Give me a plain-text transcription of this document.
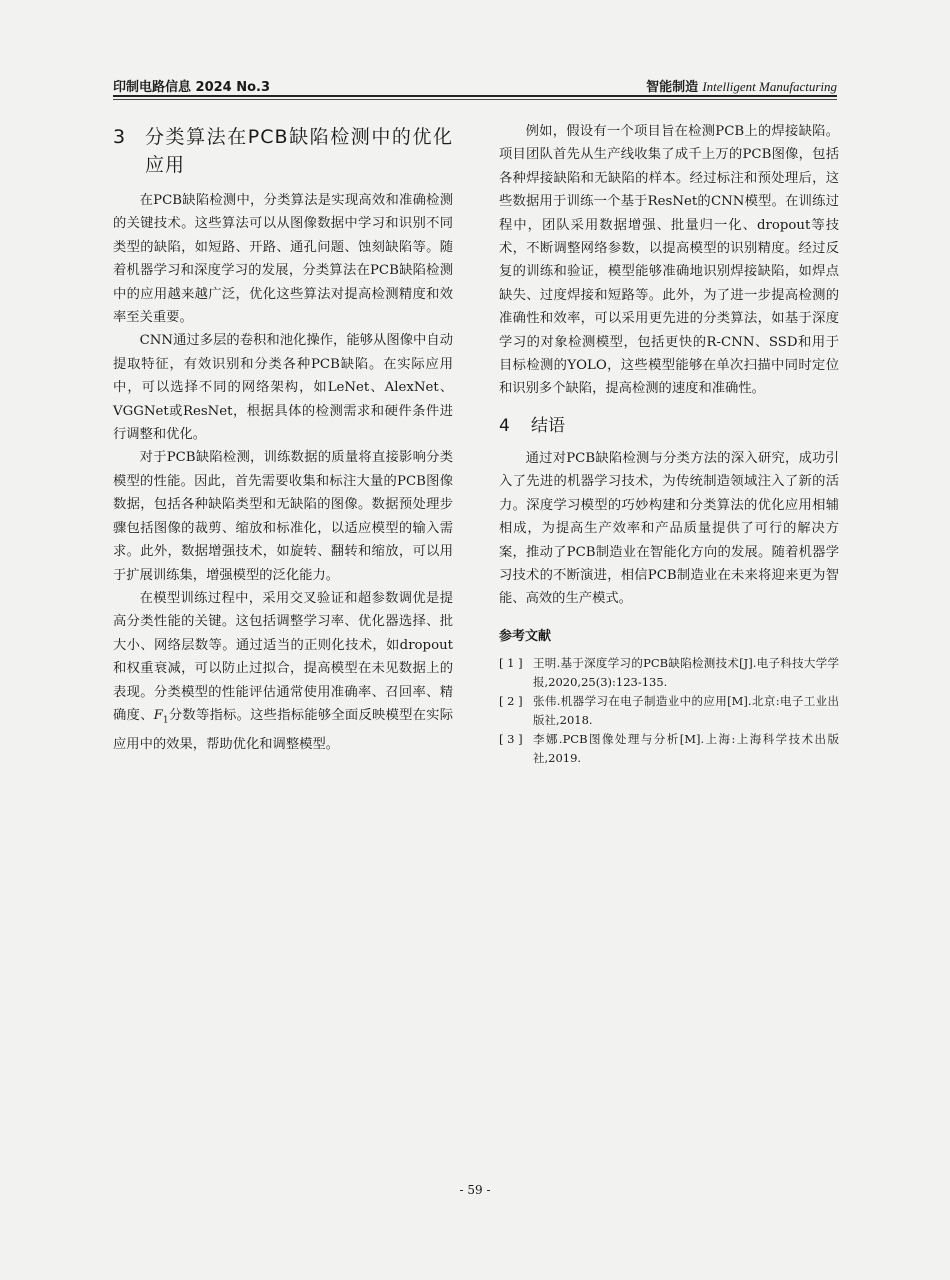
印制电路信息 2024 No.3	智能制造 Intelligent Manufacturing
3	分类算法在PCB缺陷检测中的优化应用

在PCB缺陷检测中，分类算法是实现高效和准确检测的关键技术。这些算法可以从图像数据中学习和识别不同类型的缺陷，如短路、开路、通孔问题、蚀刻缺陷等。随着机器学习和深度学习的发展，分类算法在PCB缺陷检测中的应用越来越广泛，优化这些算法对提高检测精度和效率至关重要。

CNN通过多层的卷积和池化操作，能够从图像中自动提取特征，有效识别和分类各种PCB缺陷。在实际应用中，可以选择不同的网络架构，如LeNet、AlexNet、VGGNet或ResNet，根据具体的检测需求和硬件条件进行调整和优化。

对于PCB缺陷检测，训练数据的质量将直接影响分类模型的性能。因此，首先需要收集和标注大量的PCB图像数据，包括各种缺陷类型和无缺陷的图像。数据预处理步骤包括图像的裁剪、缩放和标准化，以适应模型的输入需求。此外，数据增强技术，如旋转、翻转和缩放，可以用于扩展训练集，增强模型的泛化能力。

在模型训练过程中，采用交叉验证和超参数调优是提高分类性能的关键。这包括调整学习率、优化器选择、批大小、网络层数等。通过适当的正则化技术，如dropout和权重衰减，可以防止过拟合，提高模型在未见数据上的表现。分类模型的性能评估通常使用准确率、召回率、精确度、$F_1$分数等指标。这些指标能够全面反映模型在实际应用中的效果，帮助优化和调整模型。

例如，假设有一个项目旨在检测PCB上的焊接缺陷。项目团队首先从生产线收集了成千上万的PCB图像，包括各种焊接缺陷和无缺陷的样本。经过标注和预处理后，这些数据用于训练一个基于ResNet的CNN模型。在训练过程中，团队采用数据增强、批量归一化、dropout等技术，不断调整网络参数，以提高模型的识别精度。经过反复的训练和验证，模型能够准确地识别焊接缺陷，如焊点缺失、过度焊接和短路等。此外，为了进一步提高检测的准确性和效率，可以采用更先进的分类算法，如基于深度学习的对象检测模型，包括更快的R-CNN、SSD和用于目标检测的YOLO，这些模型能够在单次扫描中同时定位和识别多个缺陷，提高检测的速度和准确性。

4	结语

通过对PCB缺陷检测与分类方法的深入研究，成功引入了先进的机器学习技术，为传统制造领域注入了新的活力。深度学习模型的巧妙构建和分类算法的优化应用相辅相成，为提高生产效率和产品质量提供了可行的解决方案，推动了PCB制造业在智能化方向的发展。随着机器学习技术的不断演进，相信PCB制造业在未来将迎来更为智能、高效的生产模式。

参考文献
[ 1 ] 王明.基于深度学习的PCB缺陷检测技术[J].电子科技大学学报,2020,25(3):123-135.
[ 2 ] 张伟.机器学习在电子制造业中的应用[M].北京:电子工业出版社,2018.
[ 3 ] 李娜.PCB图像处理与分析[M].上海:上海科学技术出版社,2019.
- 59 -
